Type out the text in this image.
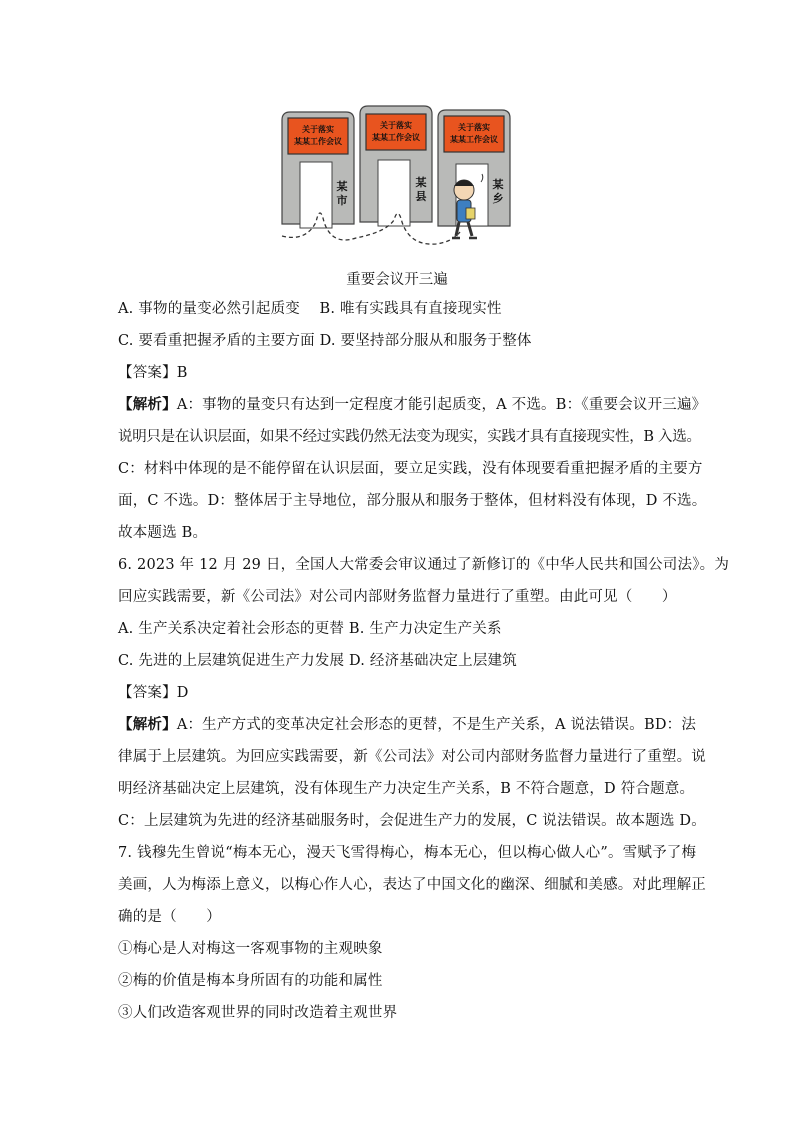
关于落实
某某工作会议
关于落实
某某工作会议
关于落实
某某工作会议
某
市
某
县
某
乡
重要会议开三遍
A. 事物的量变必然引起质变　 B. 唯有实践具有直接现实性
C. 要看重把握矛盾的主要方面 D. 要坚持部分服从和服务于整体
【答案】B
【解析】A：事物的量变只有达到一定程度才能引起质变，A 不选。B：《重要会议开三遍》
说明只是在认识层面，如果不经过实践仍然无法变为现实，实践才具有直接现实性，B 入选。
C：材料中体现的是不能停留在认识层面，要立足实践，没有体现要看重把握矛盾的主要方
面，C 不选。D：整体居于主导地位，部分服从和服务于整体，但材料没有体现，D 不选。
故本题选 B。
6. 2023 年 12 月 29 日，全国人大常委会审议通过了新修订的《中华人民共和国公司法》。为
回应实践需要，新《公司法》对公司内部财务监督力量进行了重塑。由此可见（　　）
A. 生产关系决定着社会形态的更替 B. 生产力决定生产关系
C. 先进的上层建筑促进生产力发展 D. 经济基础决定上层建筑
【答案】D
【解析】A：生产方式的变革决定社会形态的更替，不是生产关系，A 说法错误。BD：法
律属于上层建筑。为回应实践需要，新《公司法》对公司内部财务监督力量进行了重塑。说
明经济基础决定上层建筑，没有体现生产力决定生产关系，B 不符合题意，D 符合题意。
C：上层建筑为先进的经济基础服务时，会促进生产力的发展，C 说法错误。故本题选 D。
7. 钱穆先生曾说“梅本无心，漫天飞雪得梅心，梅本无心，但以梅心做人心”。雪赋予了梅
美画，人为梅添上意义，以梅心作人心，表达了中国文化的幽深、细腻和美感。对此理解正
确的是（　　）
①梅心是人对梅这一客观事物的主观映象
②梅的价值是梅本身所固有的功能和属性
③人们改造客观世界的同时改造着主观世界
